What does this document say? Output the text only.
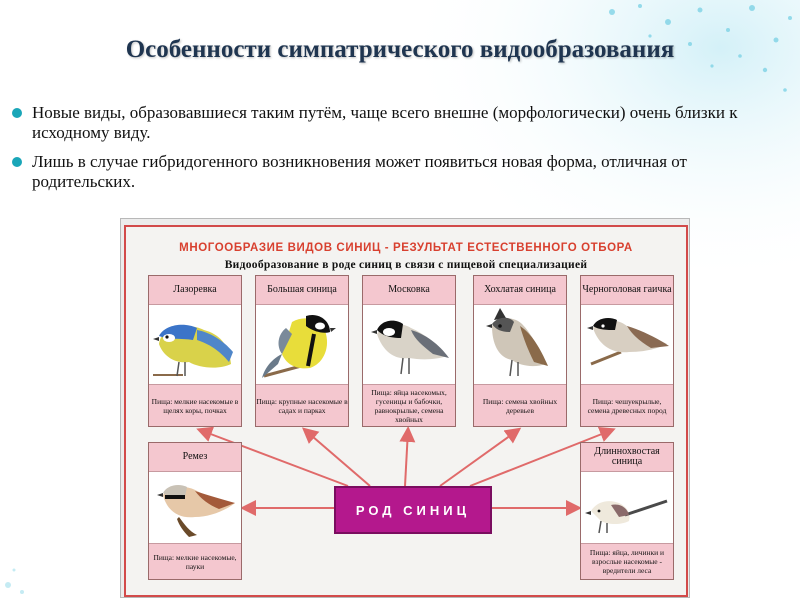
Особенности симпатрического видообразования
Новые виды, образовавшиеся таким путём, чаще всего внешне (морфологически) очень близки к исходному виду.
Лишь в случае гибридогенного возникновения может появиться новая форма, отличная от родительских.
МНОГООБРАЗИЕ ВИДОВ СИНИЦ - РЕЗУЛЬТАТ ЕСТЕСТВЕННОГО ОТБОРА
Видообразование в роде синиц в связи с пищевой специализацией
Лазоревка
Пища: мелкие насекомые в щелях коры, почках
Большая синица
Пища: крупные насекомые в садах и парках
Московка
Пища: яйца насекомых, гусеницы и бабочки, равнокрылые, семена хвойных
Хохлатая синица
Пища: семена хвойных деревьев
Черноголовая гаичка
Пища: чешуекрылые, семена древесных пород
Ремез
Пища: мелкие насекомые, пауки
Длиннохвостая синица
Пища: яйца, личинки и взрослые насекомые - вредители леса
РОД СИНИЦ
